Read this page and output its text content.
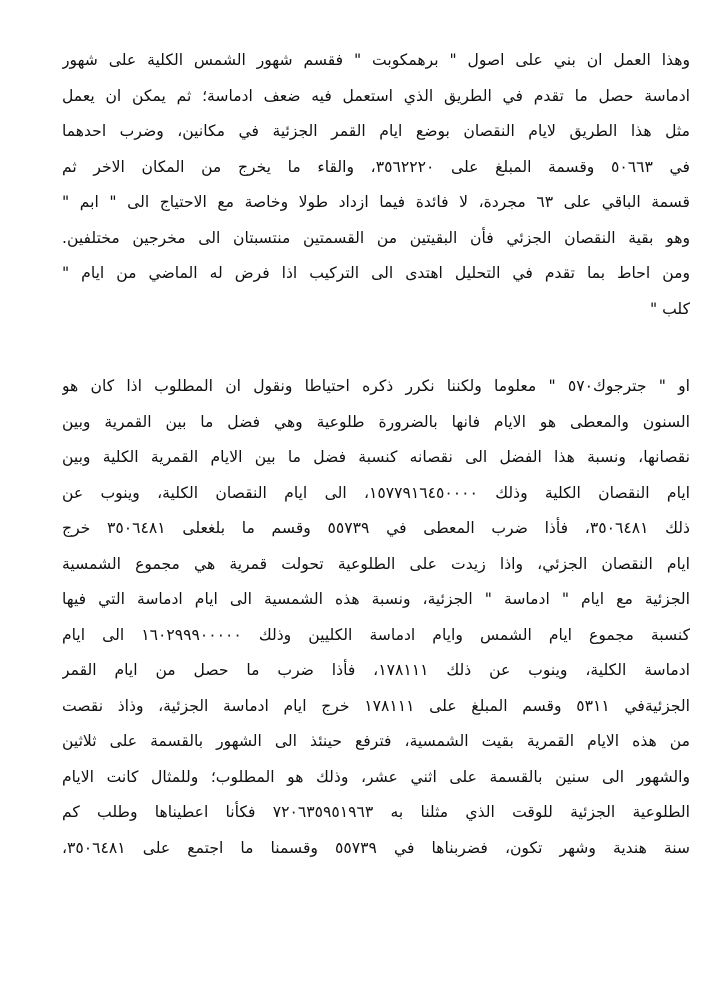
وهذا العمل ان بني على اصول " برهمكوبت " فقسم شهور الشمس الكلية على شهور
ادماسة حصل ما تقدم في الطريق الذي استعمل فيه ضعف ادماسة؛ ثم يمكن ان يعمل
مثل هذا الطريق لايام النقصان بوضع ايام القمر الجزئية في مكانين، وضرب احدهما
في ٥٠٦٦٣ وقسمة المبلغ على ٣٥٦٢٢٢٠، والقاء ما يخرج من المكان الاخر ثم
قسمة الباقي على ٦٣ مجردة، لا فائدة فيما ازداد طولا وخاصة مع الاحتياج الى " ابم "
وهو بقية النقصان الجزئي فأن البقيتين من القسمتين منتسبتان الى مخرجين مختلفين.
ومن احاط بما تقدم في التحليل اهتدى الى التركيب اذا فرض له الماضي من ايام "
كلب "
او " جترجوك٥٧٠ " معلوما ولكننا نكرر ذكره احتياطا ونقول ان المطلوب اذا كان هو
السنون والمعطى هو الايام فانها بالضرورة طلوعية وهي فضل ما بين القمرية وبين
نقصانها، ونسبة هذا الفضل الى نقصانه كنسبة فضل ما بين الايام القمرية الكلية وبين
ايام النقصان الكلية وذلك ١٥٧٧٩١٦٤٥٠٠٠٠، الى ايام النقصان الكلية، وينوب عن
ذلك ٣٥٠٦٤٨١، فأذا ضرب المعطى في ٥٥٧٣٩ وقسم ما بلغعلى ٣٥٠٦٤٨١ خرج
ايام النقصان الجزئي، واذا زيدت على الطلوعية تحولت قمرية هي مجموع الشمسية
الجزئية مع ايام " ادماسة " الجزئية، ونسبة هذه الشمسية الى ايام ادماسة التي فيها
كنسبة مجموع ايام الشمس وايام ادماسة الكليين وذلك ١٦٠٢٩٩٩٠٠٠٠٠ الى ايام
ادماسة الكلية، وينوب عن ذلك ١٧٨١١١، فأذا ضرب ما حصل من ايام القمر
الجزئيةفي ٥٣١١ وقسم المبلغ على ١٧٨١١١ خرج ايام ادماسة الجزئية، وذاذ نقصت
من هذه الايام القمرية بقيت الشمسية، فترفع حينئذ الى الشهور بالقسمة على ثلاثين
والشهور الى سنين بالقسمة على اثني عشر، وذلك هو المطلوب؛ وللمثال كانت الايام
الطلوعية الجزئية للوقت الذي مثلنا به ٧٢٠٦٣٥٩٥١٩٦٣ فكأنا اعطيناها وطلب كم
سنة هندية وشهر تكون، فضربناها في ٥٥٧٣٩ وقسمنا ما اجتمع على ٣٥٠٦٤٨١،
